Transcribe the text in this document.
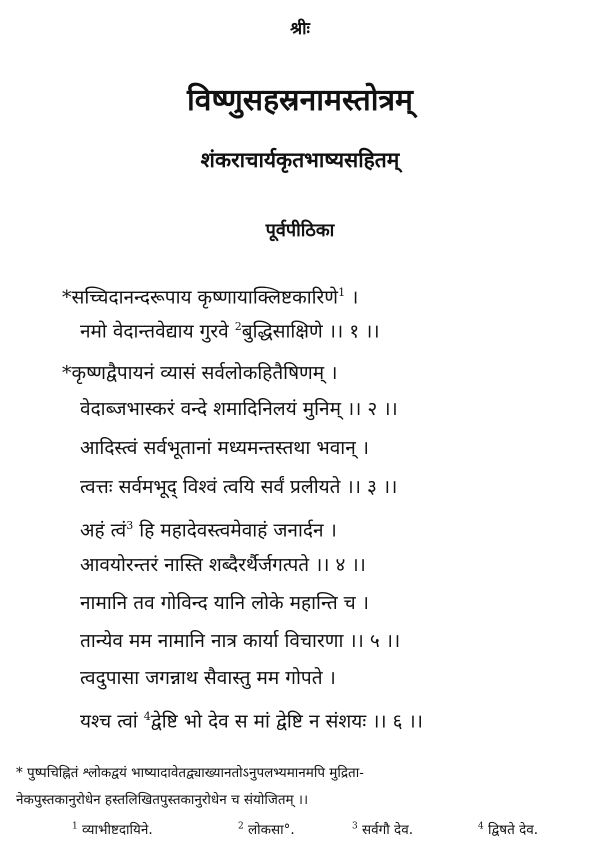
श्रीः
विष्णुसहस्रनामस्तोत्रम्
शंकराचार्यकृतभाष्यसहितम्
पूर्वपीठिका
*सच्चिदानन्दरूपाय कृष्णायाक्लिष्टकारिणे$^1$ ।
नमो वेदान्तवेद्याय गुरवे $^2$बुद्धिसाक्षिणे ।। १ ।।
*कृष्णद्वैपायनं व्यासं सर्वलोकहितैषिणम् ।
वेदाब्जभास्करं वन्दे शमादिनिलयं मुनिम् ।। २ ।।
आदिस्त्वं सर्वभूतानां मध्यमन्तस्तथा भवान् ।
त्वत्तः सर्वमभूद् विश्वं त्वयि सर्वं प्रलीयते ।। ३ ।।
अहं त्वं$^3$ हि महादेवस्त्वमेवाहं जनार्दन ।
आवयोरन्तरं नास्ति शब्दैरर्थैर्जगत्पते ।। ४ ।।
नामानि तव गोविन्द यानि लोके महान्ति च ।
तान्येव मम नामानि नात्र कार्या विचारणा ।। ५ ।।
त्वदुपासा जगन्नाथ सैवास्तु मम गोपते ।
यश्च त्वां $^4$द्वेष्टि भो देव स मां द्वेष्टि न संशयः ।। ६ ।।
* पुष्पचिह्नितं श्लोकद्वयं भाष्यादावेतद्व्याख्यानतोऽनुपलभ्यमानमपि मुद्रिता-
नेकपुस्तकानुरोधेन हस्तलिखितपुस्तकानुरोधेन च संयोजितम् ।।
$^1$ व्याभीष्टदायिने.	$^2$ लोकसा°.	$^3$ सर्वगौ देव.	$^4$ द्विषते देव.
